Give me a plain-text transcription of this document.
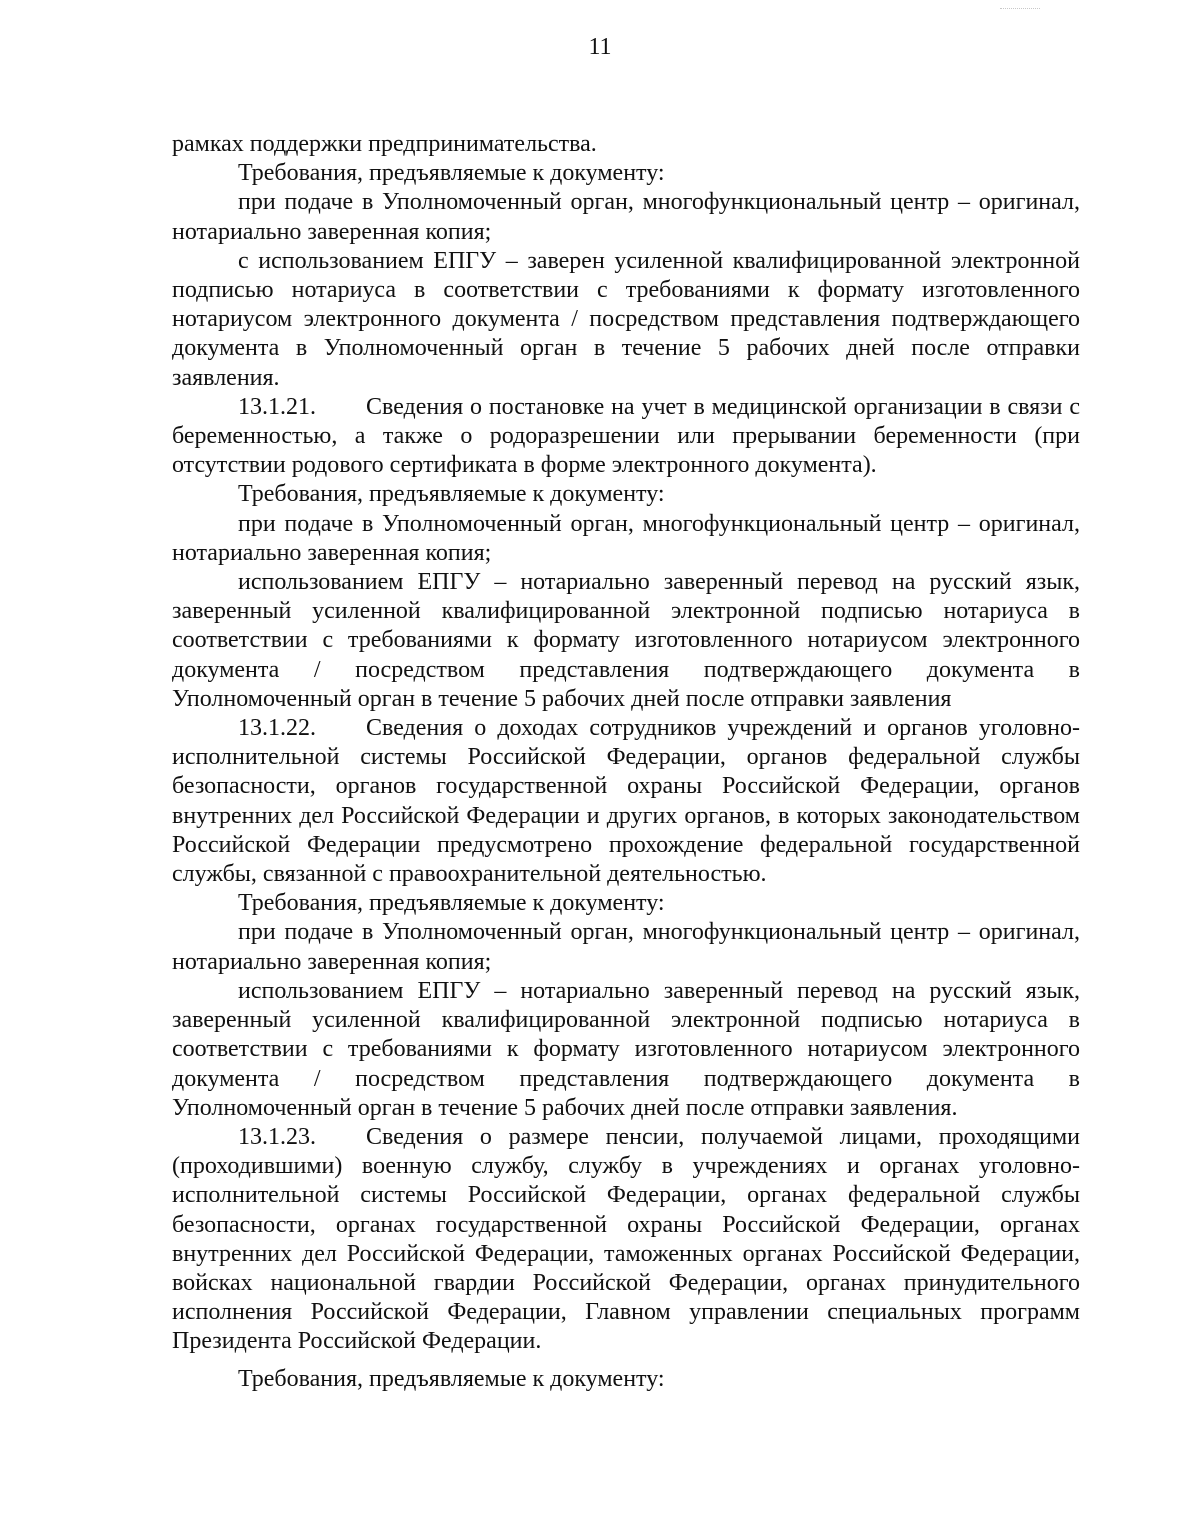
11

рамках поддержки предпринимательства.

Требования, предъявляемые к документу:

при подаче в Уполномоченный орган, многофункциональный центр – оригинал, нотариально заверенная копия;

с использованием ЕПГУ – заверен усиленной квалифицированной электронной подписью нотариуса в соответствии с требованиями к формату изготовленного нотариусом электронного документа / посредством представления подтверждающего документа в Уполномоченный орган в течение 5 рабочих дней после отправки заявления.

13.1.21. Сведения о постановке на учет в медицинской организации в связи с беременностью, а также о родоразрешении или прерывании беременности (при отсутствии родового сертификата в форме электронного документа).

Требования, предъявляемые к документу:

при подаче в Уполномоченный орган, многофункциональный центр – оригинал, нотариально заверенная копия;

использованием ЕПГУ – нотариально заверенный перевод на русский язык, заверенный усиленной квалифицированной электронной подписью нотариуса в соответствии с требованиями к формату изготовленного нотариусом электронного документа / посредством представления подтверждающего документа в Уполномоченный орган в течение 5 рабочих дней после отправки заявления

13.1.22. Сведения о доходах сотрудников учреждений и органов уголовно-исполнительной системы Российской Федерации, органов федеральной службы безопасности, органов государственной охраны Российской Федерации, органов внутренних дел Российской Федерации и других органов, в которых законодательством Российской Федерации предусмотрено прохождение федеральной государственной службы, связанной с правоохранительной деятельностью.

Требования, предъявляемые к документу:

при подаче в Уполномоченный орган, многофункциональный центр – оригинал, нотариально заверенная копия;

использованием ЕПГУ – нотариально заверенный перевод на русский язык, заверенный усиленной квалифицированной электронной подписью нотариуса в соответствии с требованиями к формату изготовленного нотариусом электронного документа / посредством представления подтверждающего документа в Уполномоченный орган в течение 5 рабочих дней после отправки заявления.

13.1.23. Сведения о размере пенсии, получаемой лицами, проходящими (проходившими) военную службу, службу в учреждениях и органах уголовно-исполнительной системы Российской Федерации, органах федеральной службы безопасности, органах государственной охраны Российской Федерации, органах внутренних дел Российской Федерации, таможенных органах Российской Федерации, войсках национальной гвардии Российской Федерации, органах принудительного исполнения Российской Федерации, Главном управлении специальных программ Президента Российской Федерации.

Требования, предъявляемые к документу:
